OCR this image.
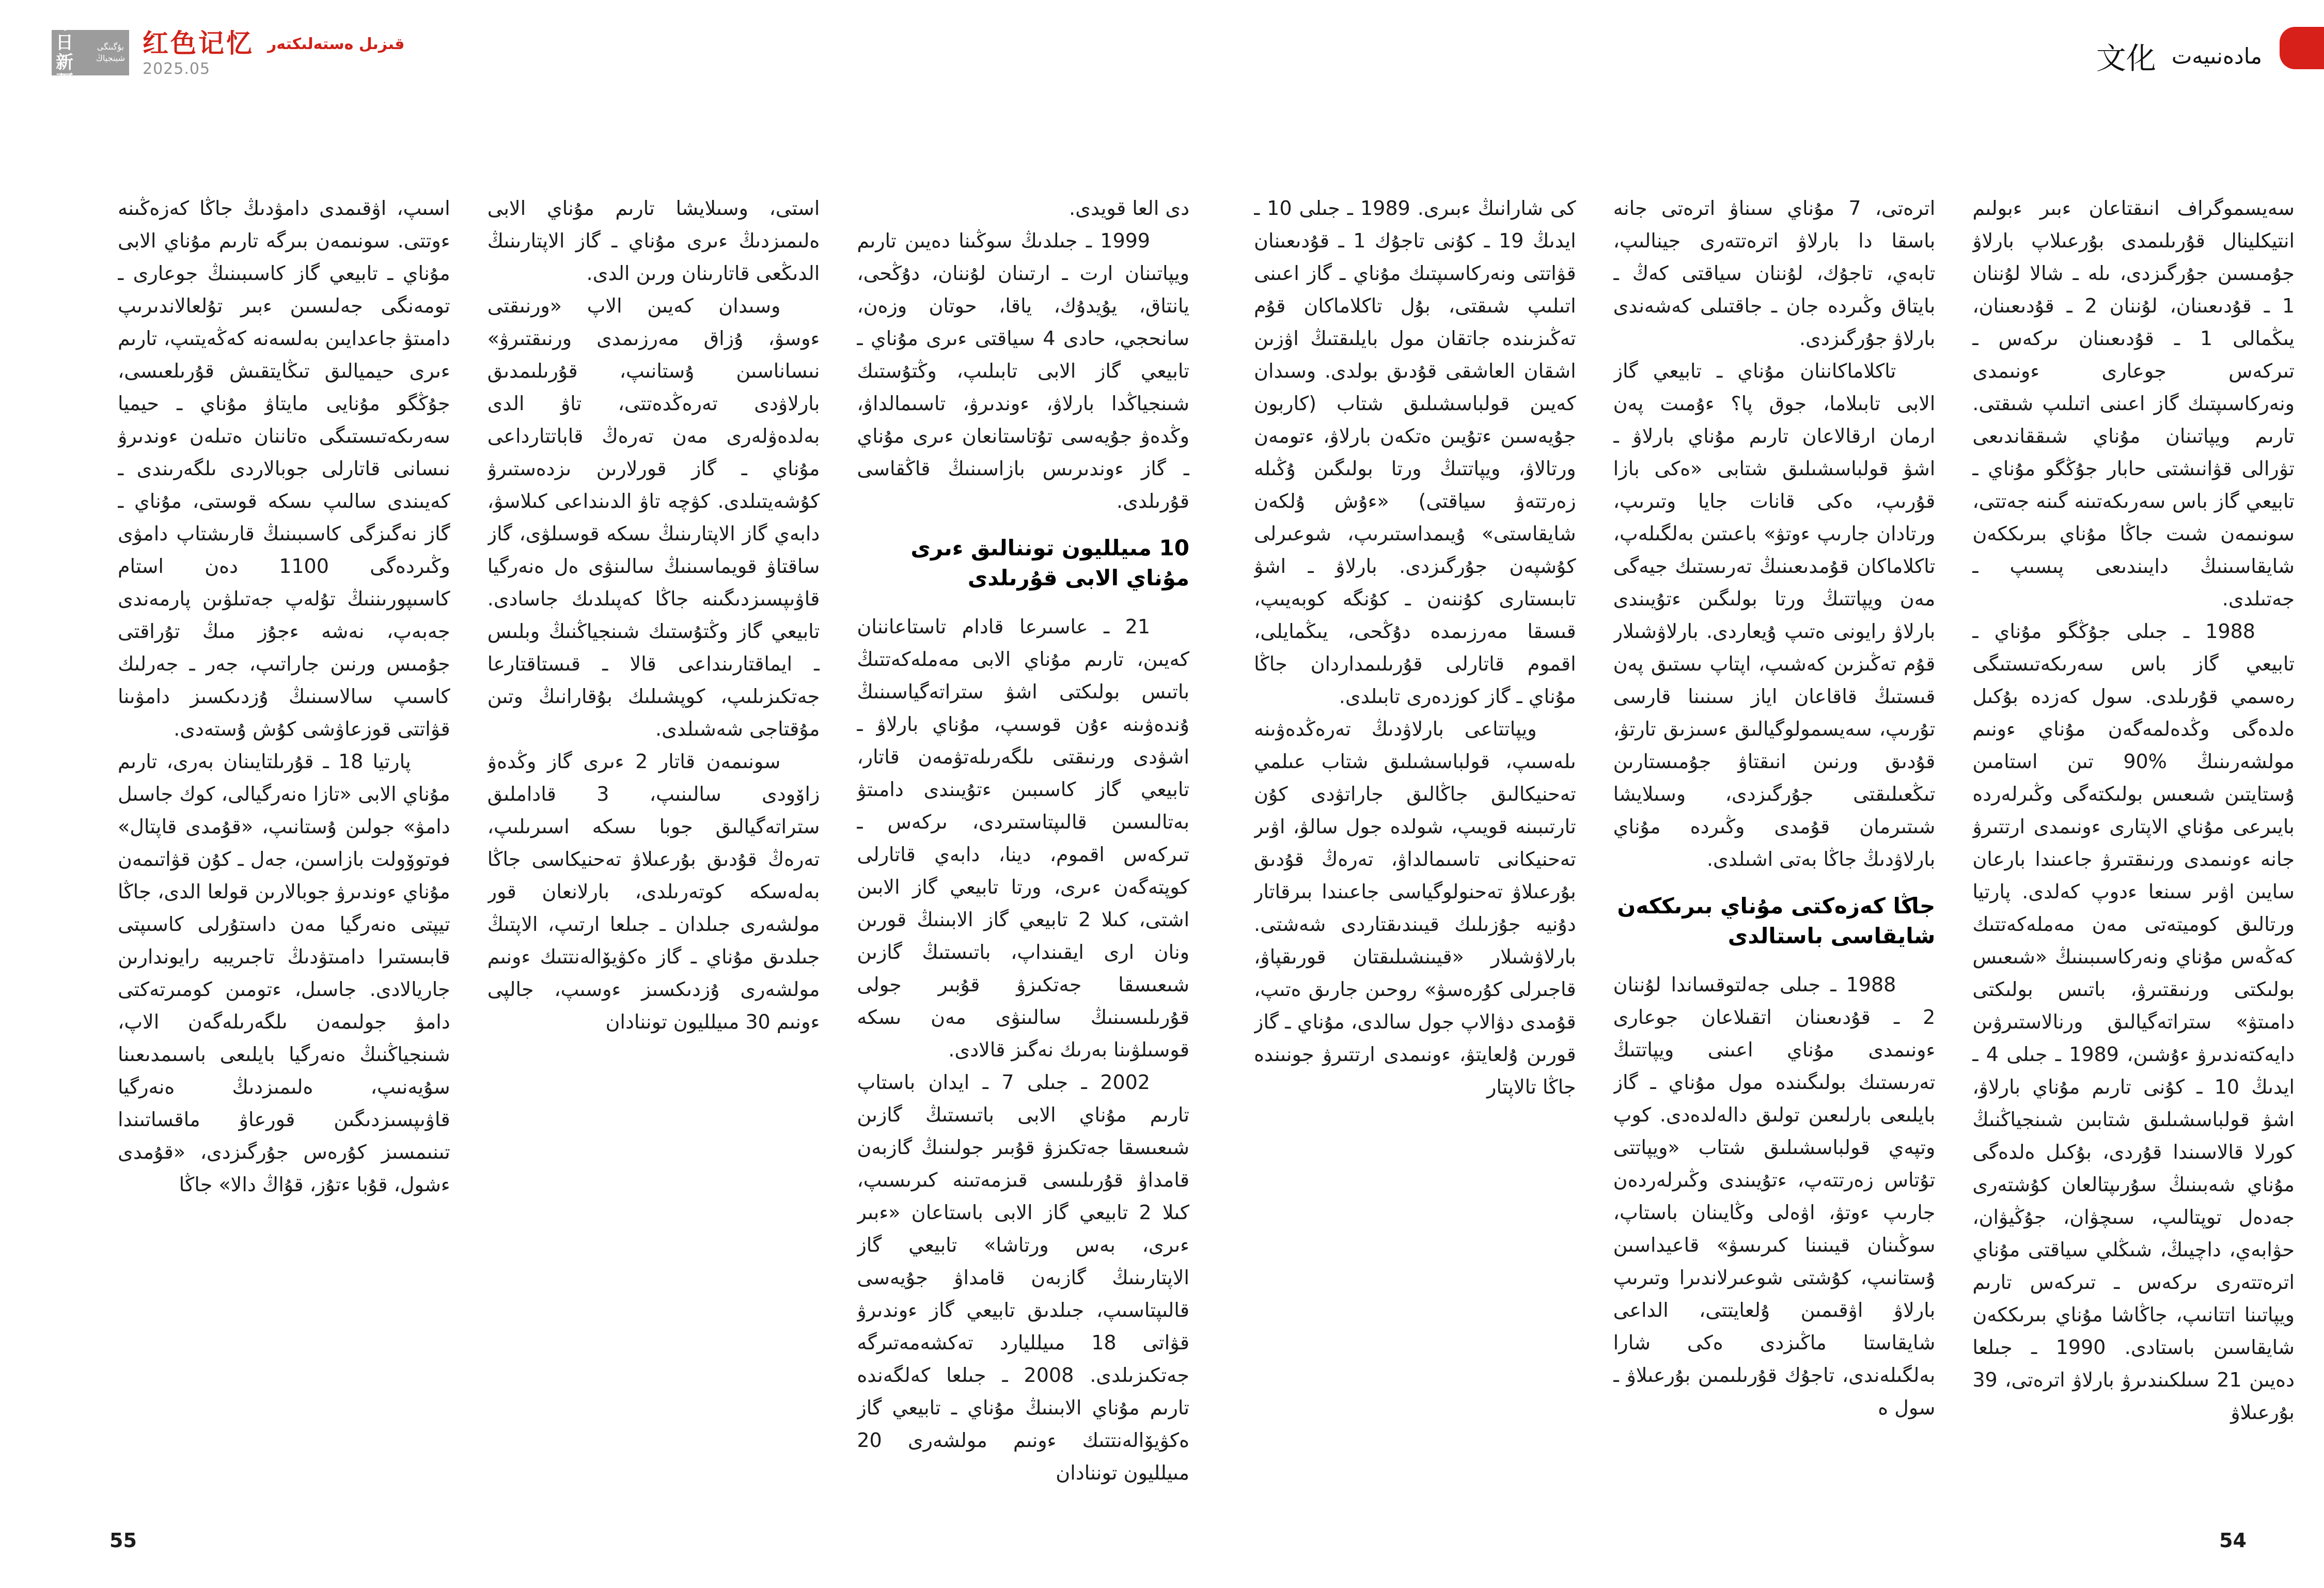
今日
新疆
بۇگىنگى
شينجياڭ 红色记忆
2025.05
قىزىل ەستەلىكتەر	文化 مادەنىيەت

دى العا قويدى.

1999 ـ جىلدىڭ سوڭىنا دەيىن تارىم ويپاتىنان ارت ـ ارتىنان لۇننان، دۇڭحى، يانتاق، يۇيدۇك، ياقا، حوتان وزەن، سانحجي، حادى 4 سياقتى ءىرى مۇناي ـ تابيعي گاز الابى تابىلىپ، وڭتۇستىك شىنجياڭدا بارلاۋ، ءوندىرۋ، تاسىمالداۋ، وڭدەۋ جۇيەسى تۇتاستانعان ءىرى مۇناي ـ گاز ءوندىرىس بازاسىنىڭ قاڭقاسى قۇرىلدى.

10 مىيلليون توننالىق ءىرى مۇناي الابى قۇرىلدى

21 ـ عاسىرعا قادام تاستاعاننان كەيىن، تارىم مۇناي الابى مەملەكەتتىڭ باتىس بولىكتى اشۋ ستراتەگياسىنىڭ ۇندەۋىنە ءۇن قوسىپ، مۇناي بارلاۋ ـ اشۋدى ورنىقتى ىلگەرىلەتۋمەن قاتار، تابيعي گاز كاسىبىن ءتۇيىندى دامىتۋ بەتالىسىن قالىپتاستىردى، ىركەس ـ تىركەس اقموم، دينا، دابەي قاتارلى كوپتەگەن ءىرى، ورتا تابيعي گاز الابىن اشتى، كىلا 2 تابيعي گاز الابىنىڭ قورىن ونان ارى ايقىنداپ، باتىستىڭ گازىن شىعىسقا جەتكىزۋ قۇبىر جولى قۇرىلىسىنىڭ سالىنۋى مەن ىسكە قوسىلۋىنا بەرىك نەگىز قالادى.

2002 ـ جىلى 7 ـ ايدان باستاپ تارىم مۇناي الابى باتىستىڭ گازىن شىعىسقا جەتكىزۋ قۇبىر جولىنىڭ گازبەن قامداۋ قۇرىلىسى قىزمەتىنە كىرىسىپ، كىلا 2 تابيعي گاز الابى باستاعان «ءبىر ءىرى، بەس ورتاشا» تابيعي گاز الاپتارىنىڭ گازبەن قامداۋ جۇيەسى قالىپتاسىپ، جىلدىق تابيعي گاز ءوندىرۋ قۋاتى 18 مىيلليارد تەكشەمەتىرگە جەتكىزىلدى. 2008 ـ جىلعا كەلگەندە تارىم مۇناي الابىنىڭ مۇناي ـ تابيعي گاز ەكۋيۆالەنتتىك ءونىم مولشەرى 20 مىيلليون توننادان

استى، وسىلايشا تارىم مۇناي الابى ەلىمىزدىڭ ءىرى مۇناي ـ گاز الاپتارىنىڭ الدىڭعى قاتارىنان ورىن الدى.

وسىدان كەيىن الاپ «ورنىقتى ءوسۋ، ۇزاق مەرزىمدى ورنىقتىرۋ» نىساناسىن ۇستانىپ، قۇرىلىمدىق بارلاۋدى تەرەڭدەتتى، تاۋ الدى بەلدەۋلەرى مەن تەرەڭ قاباتتارداعى مۇناي ـ گاز قورلارىن ىزدەستىرۋ كۇشەيتىلدى. كۋچە تاۋ الدىنداعى كىلاسۋ، دابەي گاز الاپتارىنىڭ ىسكە قوسىلۋى، گاز ساقتاۋ قويماسىنىڭ سالىنۋى ەل ەنەرگيا قاۋىپسىزدىگىنە جاڭا كەپىلدىك جاسادى. تابيعي گاز وڭتۇستىك شىنجياڭنىڭ وبلىس ـ ايماقتارىنداعى قالا ـ قىستاقتارعا جەتكىزىلىپ، كوپشىلىك بۇقارانىڭ وتىن مۇقتاجى شەشىلدى.

سونىمەن قاتار 2 ءىرى گاز وڭدەۋ زاۆودى سالىنىپ، 3 قاداملىق ستراتەگيالىق جوبا ىسكە اسىرىلىپ، تەرەڭ قۇدىق بۇرعىلاۋ تەحنيكاسى جاڭا بەلەسكە كوتەرىلدى، بارلانعان قور مولشەرى جىلدان ـ جىلعا ارتىپ، الاپتىڭ جىلدىق مۇناي ـ گاز ەكۋيۆالەنتتىك ءونىم مولشەرى ۇزدىكسىز ءوسىپ، جالپى ءونىم 30 مىيلليون توننادان

اسىپ، اۋقىمدى دامۋدىڭ جاڭا كەزەڭىنە ءوتتى. سونىمەن بىرگە تارىم مۇناي الابى مۇناي ـ تابيعي گاز كاسىبىنىڭ جوعارى ـ تومەنگى جەلىسىن ءبىر تۇلعالاندىرىپ دامىتۋ جاعدايىن بەلسەنە كەڭەيتىپ، تارىم ءىرى حيميالىق تىڭايتقىش قۇرىلعىسى، جۇڭگو مۇنايى مايتاۋ مۇناي ـ حيميا سەرىكەتىستىگى ەتاننان ەتىلەن ءوندىرۋ نىسانى قاتارلى جوبالاردى ىلگەرىندى ـ كەيىندى سالىپ ىسكە قوستى، مۇناي ـ گاز نەگىزگى كاسىبىنىڭ قارىشتاپ دامۋى وڭىردەگى 1100 دەن استام كاسىپورىننىڭ تۇلەپ جەتىلۋىن پارمەندى جەبەپ، نەشە ءجۇز مىڭ تۇراقتى جۇمىس ورنىن جاراتىپ، جەر ـ جەرلىك كاسىپ سالاسىنىڭ ۇزدىكسىز دامۋىنا قۋاتتى قوزعاۋشى كۇش ۇستەدى.

پارتيا 18 ـ قۇرىلتايىنان بەرى، تارىم مۇناي الابى «تازا ەنەرگيالى، كوك جاسىل دامۋ» جولىن ۇستانىپ، «قۇمدى قاپتال» فوتوۆولت بازاسىن، جەل ـ كۇن قۋاتىمەن مۇناي ءوندىرۋ جوبالارىن قولعا الدى، جاڭا تيپتى ەنەرگيا مەن داستۇرلى كاسىپتى قابىستىرا دامىتۋدىڭ تاجىريبە رايوندارىن جاريالادى. جاسىل، ءتومىن كومىرتەكتى دامۋ جولىمەن ىلگەرىلەگەن الاپ، شىنجياڭنىڭ ەنەرگيا بايلىعى باسىمدىعىنا سۇيەنىپ، ەلىمىزدىڭ ەنەرگيا قاۋىپسىزدىگىن قورعاۋ ماقساتىندا تىنىمسىز كۇرەس جۇرگىزدى، «قۇمدى ءشول، قۇبا ءتۇز، قۇاڭ دالا» جاڭا

سەيسموگراف انىقتاعان ءبىر ءبولىم انتيكلينال قۇرىلىمدى بۇرعىلاپ بارلاۋ جۇمىسىن جۇرگىزدى، ىلە ـ شالا لۇننان 1 ـ قۇدىعىنان، لۇننان 2 ـ قۇدىعىنان، يىڭمالى 1 ـ قۇدىعىنان ىركەس ـ تىركەس جوعارى ءونىمدى ونەركاسىپتىك گاز اعىنى اتىلىپ شىقتى. تارىم ويپاتىنان مۇناي شىققاندىعى تۋرالى قۋانىشتى حابار جۇڭگو مۇناي ـ تابيعي گاز باس سەرىكەتىنە گىنە جەتتى، سونىمەن شىت جاڭا مۇناي بىرىككەن شايقاسىنىڭ دايىندىعى پىسىپ ـ جەتىلدى.

1988 ـ جىلى جۇڭگو مۇناي ـ تابيعي گاز باس سەرىكەتىستىگى رەسمي قۇرىلدى. سول كەزدە بۇكىل ەلدەگى وڭدەلمەگەن مۇناي ءونىم مولشەرىنىڭ %90 تىن استامىن ۇستايتىن شىعىس بولىكتەگى وڭىرلەردە بايىرعى مۇناي الاپتارى ءونىمدى ارتتىرۋ جانە ءونىمدى ورنىقتىرۋ جاعىندا بارعان سايىن اۋىر سىنعا ءدوپ كەلدى. پارتيا ورتالىق كوميتەتى مەن مەملەكەتتىك كەڭەس مۇناي ونەركاسىبىنىڭ «شىعىس بولىكتى ورنىقتىرۋ، باتىس بولىكتى دامىتۋ» ستراتەگيالىق ورنالاستىرۋىن دايەكتەندىرۋ ءۇشىن، 1989 ـ جىلى 4 ـ ايدىڭ 10 ـ كۇنى تارىم مۇناي بارلاۋ، اشۋ قولباسشىلىق شتابىن شىنجياڭنىڭ كورلا قالاسىندا قۇردى، بۇكىل ەلدەگى مۇناي شەبىنىڭ سۇرىپتالعان كۇشتەرى جەدەل توپتالىپ، سىچۋان، جۇڭيۋان، حۋابەي، داچيىڭ، شىڭلي سياقتى مۇناي اترەتتەرى ىركەس ـ تىركەس تارىم ويپاتىنا اتتانىپ، جاڭاشا مۇناي بىرىككەن شايقاسىن باستادى. 1990 ـ جىلعا دەيىن 21 سىلكىندىرۋ بارلاۋ اترەتى، 39 بۇرعىلاۋ

اترەتى، 7 مۇناي سىناۋ اترەتى جانە باسقا دا بارلاۋ اترەتتەرى جينالىپ، تابەي، تاجۇك، لۇننان سياقتى كەڭ ـ بايتاق وڭىردە جان ـ جاقتىلى كەشەندى بارلاۋ جۇرگىزدى.

تاكلاماكاننان مۇناي ـ تابيعي گاز الابى تابىلاما، جوق پا؟ ءۇمىت پەن ارمان ارقالاعان تارىم مۇناي بارلاۋ ـ اشۋ قولباسشىلىق شتابى «ەكى بازا قۇرىپ، ەكى قانات جايا وتىرىپ، ورتادان جارىپ ءوتۋ» باعىتىن بەلگىلەپ، تاكلاماكان قۇمدىعىنىڭ تەرىستىك جيەگى مەن ويپاتتىڭ ورتا بولىگىن ءتۇيىندى بارلاۋ رايونى ەتىپ ۇيعاردى. بارلاۋشىلار قۇم تەڭىزىن كەشىپ، اپتاپ ىستىق پەن قىستىڭ قاقاعان اياز سىنىنا قارسى تۇرىپ، سەيسمولوگيالىق ءسىزىق تارتۋ، قۇدىق ورنىن انىقتاۋ جۇمىستارىن تىڭعىلىقتى جۇرگىزدى، وسىلايشا شىتىرمان قۇمدى وڭىردە مۇناي بارلاۋدىڭ جاڭا بەتى اشىلدى.

جاڭا كەزەكتى مۇناي بىرىككەن شايقاسى باستالدى

1988 ـ جىلى جەلتوقساندا لۇننان 2 ـ قۇدىعىنان اتقىلاعان جوعارى ءونىمدى مۇناي اعىنى ويپاتتىڭ تەرىستىك بولىگىندە مول مۇناي ـ گاز بايلىعى بارلىعىن تولىق دالەلدەدى. كوپ وتپەي قولباسشىلىق شتاب «ويپاتتى تۇتاس زەرتتەپ، ءتۇيىندى وڭىرلەردەن جارىپ ءوتۋ، اۋەلى وڭايىنان باستاپ، سوڭىنان قيىنىنا كىرىسۋ» قاعيداسىن ۇستانىپ، كۇشتى شوعىرلاندىرا وتىرىپ بارلاۋ اۋقىمىن ۇلعايتتى، الداعى شايقاستا ماڭىزدى ەكى شارا بەلگىلەندى، تاجۇك قۇرىلىمىن بۇرعىلاۋ ـ سول ە

كى شارانىڭ ءبىرى. 1989 ـ جىلى 10 ـ ايدىڭ 19 ـ كۇنى تاجۇك 1 ـ قۇدىعىنان قۋاتتى ونەركاسىپتىك مۇناي ـ گاز اعىنى اتىلىپ شىقتى، بۇل تاكلاماكان قۇم تەڭىزىندە جاتقان مول بايلىقتىڭ اۋزىن اشقان العاشقى قۇدىق بولدى. وسىدان كەيىن قولباسشىلىق شتاب (كاربون جۇيەسىن ءتۇيىن ەتكەن بارلاۋ، ءتومەن ورتالاۋ، ويپاتتىڭ ورتا بولىگىن ۇڭىلە زەرتتەۋ سياقتى) «ءۇش ۇلكەن شايقاستى» ۇيىمداستىرىپ، شوعىرلى كۇشپەن جۇرگىزدى. بارلاۋ ـ اشۋ تابىستارى كۇننەن ـ كۇنگە كوبەيىپ، قىسقا مەرزىمدە دۇڭحى، يىڭمايلى، اقموم قاتارلى قۇرىلىمداردان جاڭا مۇناي ـ گاز كوزدەرى تابىلدى.

ويپاتتاعى بارلاۋدىڭ تەرەڭدەۋىنە ىلەسىپ، قولباسشىلىق شتاب عىلمي تەحنيكالىق جاڭالىق جاراتۋدى كۇن تارتىبىنە قويىپ، شولدە جول سالۋ، اۋىر تەحنيكانى تاسىمالداۋ، تەرەڭ قۇدىق بۇرعىلاۋ تەحنولوگياسى جاعىندا بىرقاتار دۇنيە جۇزىلىك قيىندىقتاردى شەشتى. بارلاۋشىلار «قيىنشىلىقتان قورىقپاۋ، قاجىرلى كۇرەسۋ» روحىن جارىق ەتىپ، قۇمدى دۋالاپ جول سالدى، مۇناي ـ گاز قورىن ۇلعايتۋ، ءونىمدى ارتتىرۋ جونىندە جاڭا تالاپتار

55	54
